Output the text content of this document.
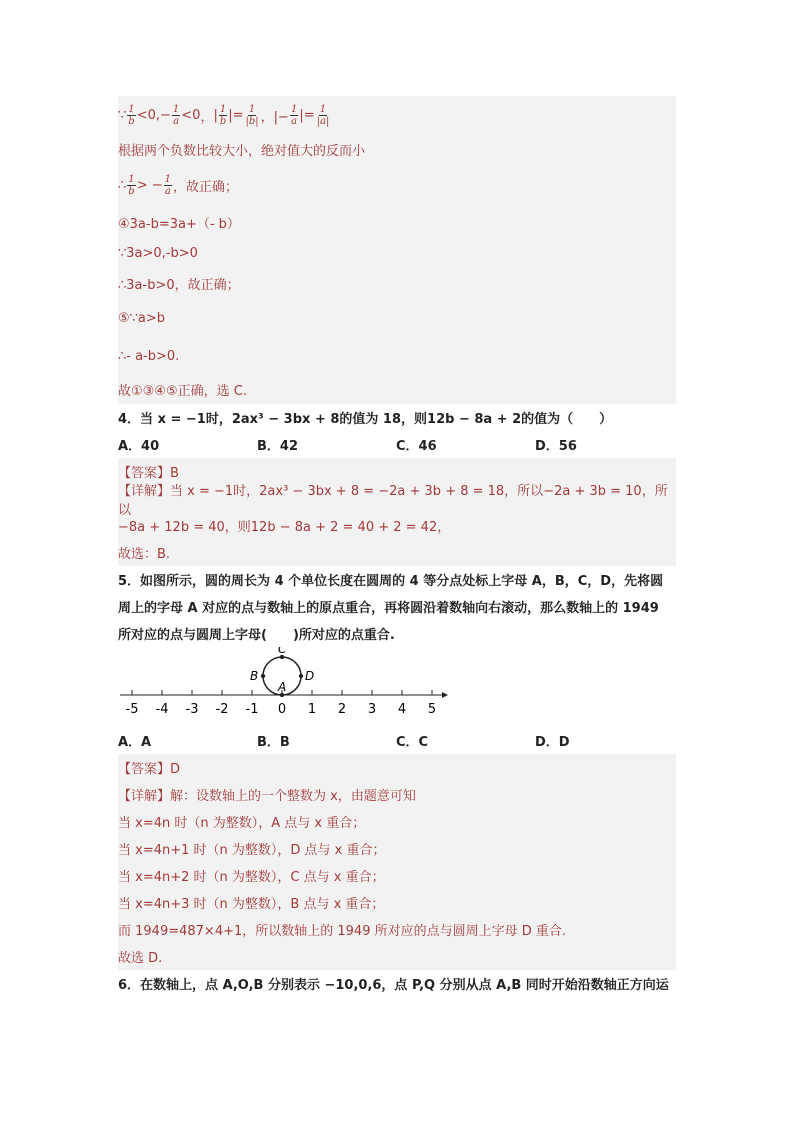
∵ $\frac{1}{b} <0,- \frac{1}{a} <0$ ， | $\frac{1}{b}$ |= $\frac{1}{|b|}$ ，|− $\frac{1}{a}$ |= $\frac{1}{|a|}$
根据两个负数比较大小，绝对值大的反而小
∴ $\frac{1}{b}$ > − $\frac{1}{a}$ ，故正确；
④3a-b=3a+（- b）
∵3a>0,-b>0
∴3a-b>0，故正确；
⑤∵a>b
∴- a-b>0.
故①③④⑤正确，选 C.
4．当 x = −1时，2ax³ − 3bx + 8的值为 18，则12b − 8a + 2的值为（　　）
A．40	B．42	C．46	D．56
【答案】B
【详解】当 x = −1时，2ax³ − 3bx + 8 = −2a + 3b + 8 = 18，所以−2a + 3b = 10，所以
−8a + 12b = 40，则12b − 8a + 2 = 40 + 2 = 42，
故选：B.
5．如图所示，圆的周长为 4 个单位长度在圆周的 4 等分点处标上字母 A，B，C，D，先将圆
周上的字母 A 对应的点与数轴上的原点重合，再将圆沿着数轴向右滚动，那么数轴上的 1949
所对应的点与圆周上字母(　　)所对应的点重合.
-5 -4 -3 -2 -1 0 1 2 3 4 5
C
B
A
D
A．A	B．B	C．C	D．D
【答案】D
【详解】解：设数轴上的一个整数为 x，由题意可知
当 x=4n 时（n 为整数），A 点与 x 重合；
当 x=4n+1 时（n 为整数），D 点与 x 重合；
当 x=4n+2 时（n 为整数），C 点与 x 重合；
当 x=4n+3 时（n 为整数），B 点与 x 重合；
而 1949=487×4+1，所以数轴上的 1949 所对应的点与圆周上字母 D 重合.
故选 D.
6．在数轴上，点 A,O,B 分别表示 −10,0,6，点 P,Q 分别从点 A,B 同时开始沿数轴正方向运
